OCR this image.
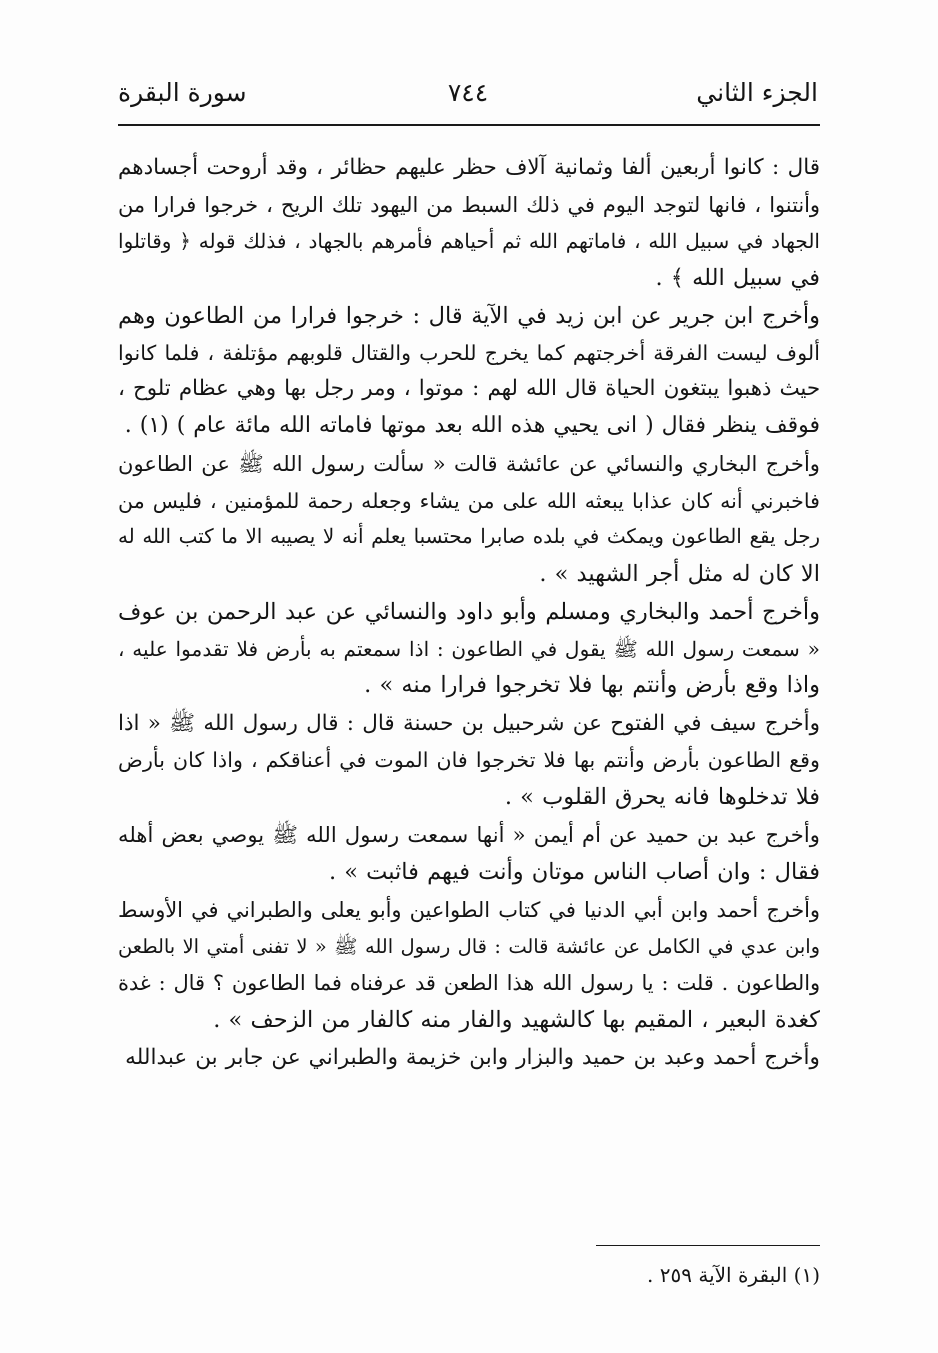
الجزء الثاني
٧٤٤
سورة البقرة

قال : كانوا أربعين ألفا وثمانية آلاف حظر عليهم حظائر ، وقد أروحت أجسادهم
وأنتنوا ، فانها لتوجد اليوم في ذلك السبط من اليهود تلك الريح ، خرجوا فرارا من
الجهاد في سبيل الله ، فاماتهم الله ثم أحياهم فأمرهم بالجهاد ، فذلك قوله ﴿ وقاتلوا
في سبيل الله ﴾ .

وأخرج ابن جرير عن ابن زيد في الآية قال : خرجوا فرارا من الطاعون وهم
ألوف ليست الفرقة أخرجتهم كما يخرج للحرب والقتال قلوبهم مؤتلفة ، فلما كانوا
حيث ذهبوا يبتغون الحياة قال الله لهم : موتوا ، ومر رجل بها وهي عظام تلوح ،
فوقف ينظر فقال ( انى يحيي هذه الله بعد موتها فاماته الله مائة عام ) (١) .

وأخرج البخاري والنسائي عن عائشة قالت « سألت رسول الله ﷺ عن الطاعون
فاخبرني أنه كان عذابا يبعثه الله على من يشاء وجعله رحمة للمؤمنين ، فليس من
رجل يقع الطاعون ويمكث في بلده صابرا محتسبا يعلم أنه لا يصيبه الا ما كتب الله له
الا كان له مثل أجر الشهيد » .

وأخرج أحمد والبخاري ومسلم وأبو داود والنسائي عن عبد الرحمن بن عوف
« سمعت رسول الله ﷺ يقول في الطاعون : اذا سمعتم به بأرض فلا تقدموا عليه ،
واذا وقع بأرض وأنتم بها فلا تخرجوا فرارا منه » .

وأخرج سيف في الفتوح عن شرحبيل بن حسنة قال : قال رسول الله ﷺ « اذا
وقع الطاعون بأرض وأنتم بها فلا تخرجوا فان الموت في أعناقكم ، واذا كان بأرض
فلا تدخلوها فانه يحرق القلوب » .

وأخرج عبد بن حميد عن أم أيمن « أنها سمعت رسول الله ﷺ يوصي بعض أهله
فقال : وان أصاب الناس موتان وأنت فيهم فاثبت » .

وأخرج أحمد وابن أبي الدنيا في كتاب الطواعين وأبو يعلى والطبراني في الأوسط
وابن عدي في الكامل عن عائشة قالت : قال رسول الله ﷺ « لا تفنى أمتي الا بالطعن
والطاعون . قلت : يا رسول الله هذا الطعن قد عرفناه فما الطاعون ؟ قال : غدة
كغدة البعير ، المقيم بها كالشهيد والفار منه كالفار من الزحف » .

وأخرج أحمد وعبد بن حميد والبزار وابن خزيمة والطبراني عن جابر بن عبدالله

(١) البقرة الآية ٢٥٩ .
